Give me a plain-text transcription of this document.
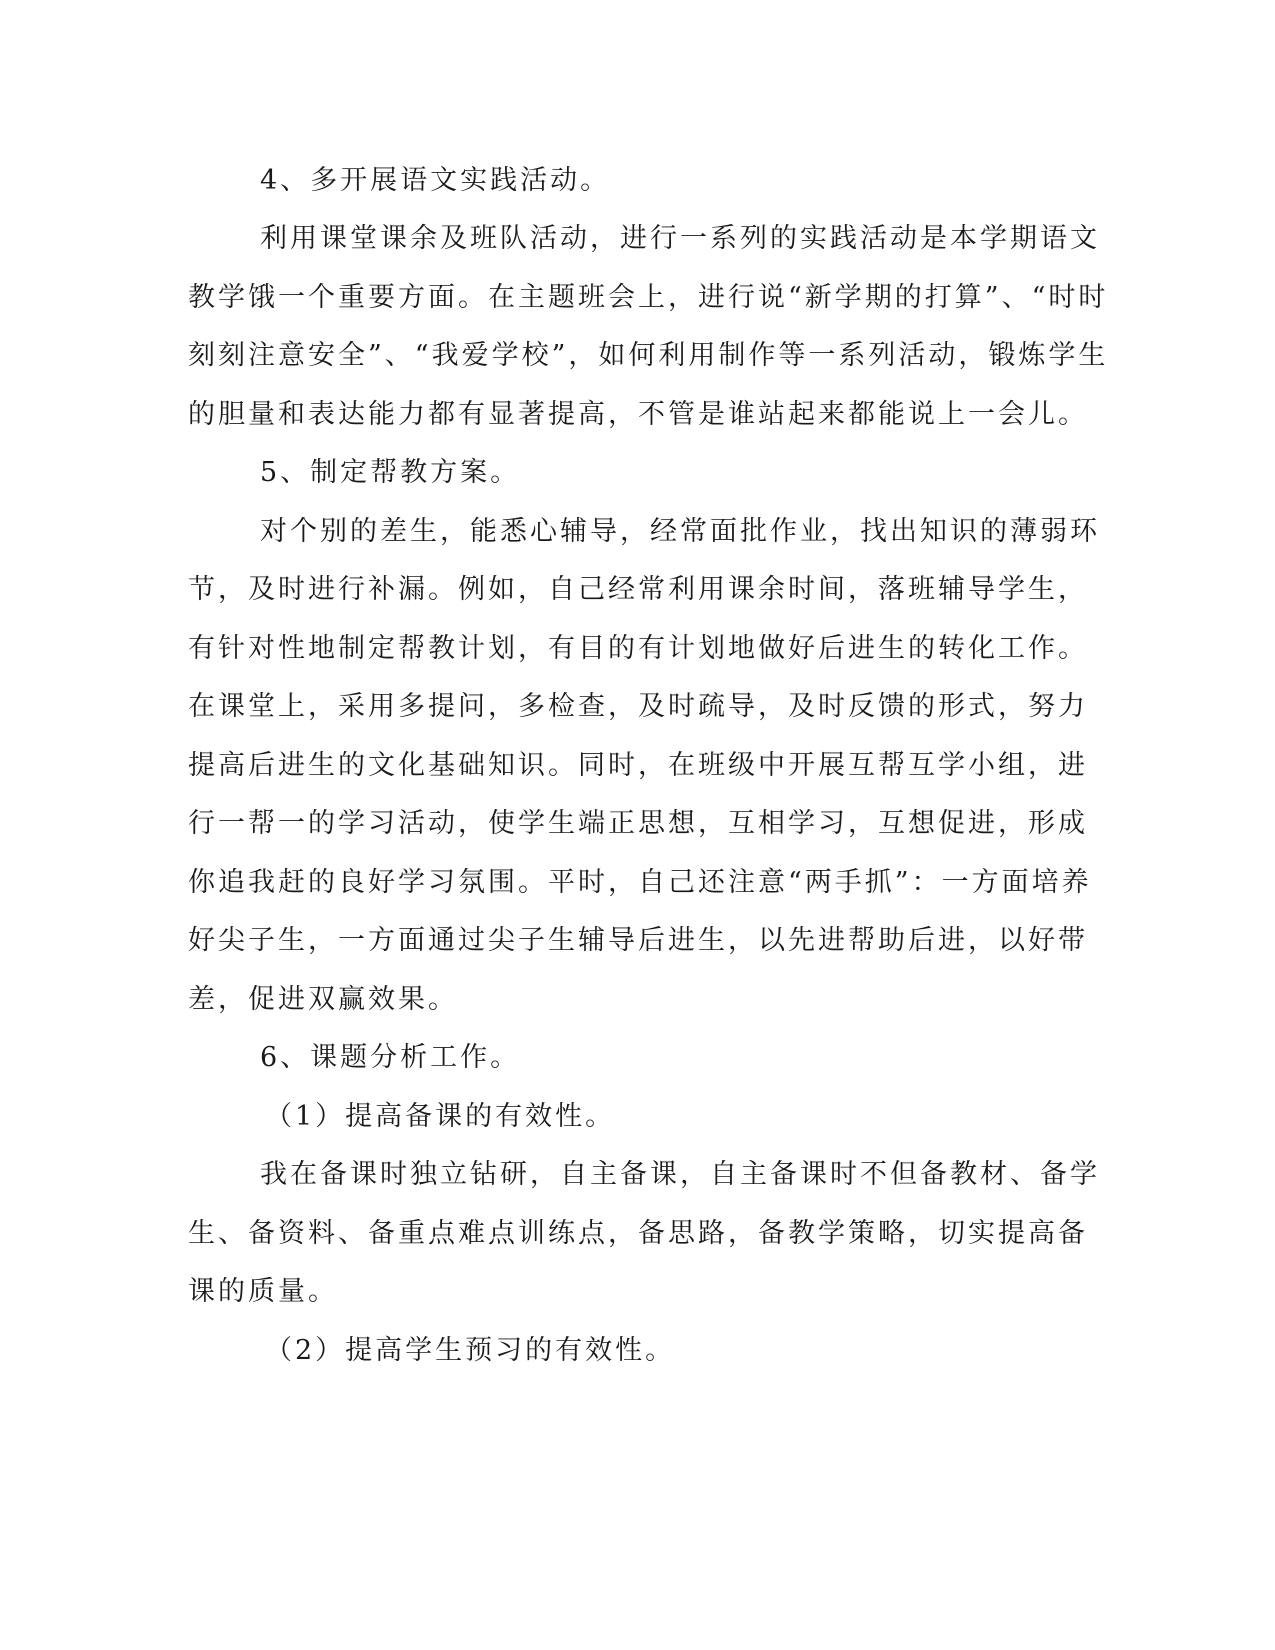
4、多开展语文实践活动。
利用课堂课余及班队活动，进行一系列的实践活动是本学期语文
教学饿一个重要方面。在主题班会上，进行说“新学期的打算”、“时时
刻刻注意安全”、“我爱学校”，如何利用制作等一系列活动，锻炼学生
的胆量和表达能力都有显著提高，不管是谁站起来都能说上一会儿。
5、制定帮教方案。
对个别的差生，能悉心辅导，经常面批作业，找出知识的薄弱环
节，及时进行补漏。例如，自己经常利用课余时间，落班辅导学生，
有针对性地制定帮教计划，有目的有计划地做好后进生的转化工作。
在课堂上，采用多提问，多检查，及时疏导，及时反馈的形式，努力
提高后进生的文化基础知识。同时，在班级中开展互帮互学小组，进
行一帮一的学习活动，使学生端正思想，互相学习，互想促进，形成
你追我赶的良好学习氛围。平时，自己还注意“两手抓”：一方面培养
好尖子生，一方面通过尖子生辅导后进生，以先进帮助后进，以好带
差，促进双赢效果。
6、课题分析工作。
（1）提高备课的有效性。
我在备课时独立钻研，自主备课，自主备课时不但备教材、备学
生、备资料、备重点难点训练点，备思路，备教学策略，切实提高备
课的质量。
（2）提高学生预习的有效性。
